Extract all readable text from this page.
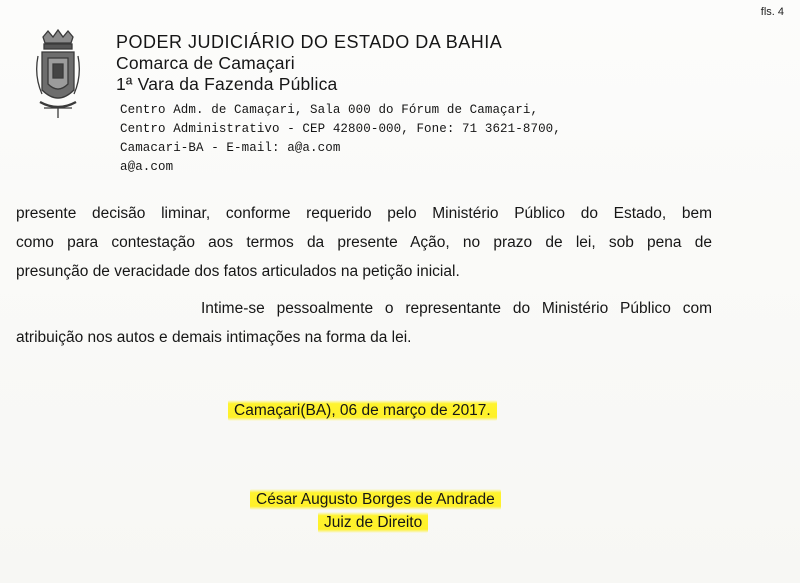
fls. 4
PODER JUDICIÁRIO DO ESTADO DA BAHIA
Comarca de Camaçari
1ª Vara da Fazenda Pública
Centro Adm. de Camaçari, Sala 000 do Fórum de Camaçari,
Centro Administrativo - CEP 42800-000, Fone: 71 3621-8700,
Camacari-BA - E-mail: a@a.com
a@a.com
presente decisão liminar, conforme requerido pelo Ministério Público do Estado, bem
como para contestação aos termos da presente Ação, no prazo de lei, sob pena de
presunção de veracidade dos fatos articulados na petição inicial.
Intime-se pessoalmente o representante do Ministério Público com
atribuição nos autos e demais intimações na forma da lei.
Camaçari(BA), 06 de março de 2017.
César Augusto Borges de Andrade
Juiz de Direito
